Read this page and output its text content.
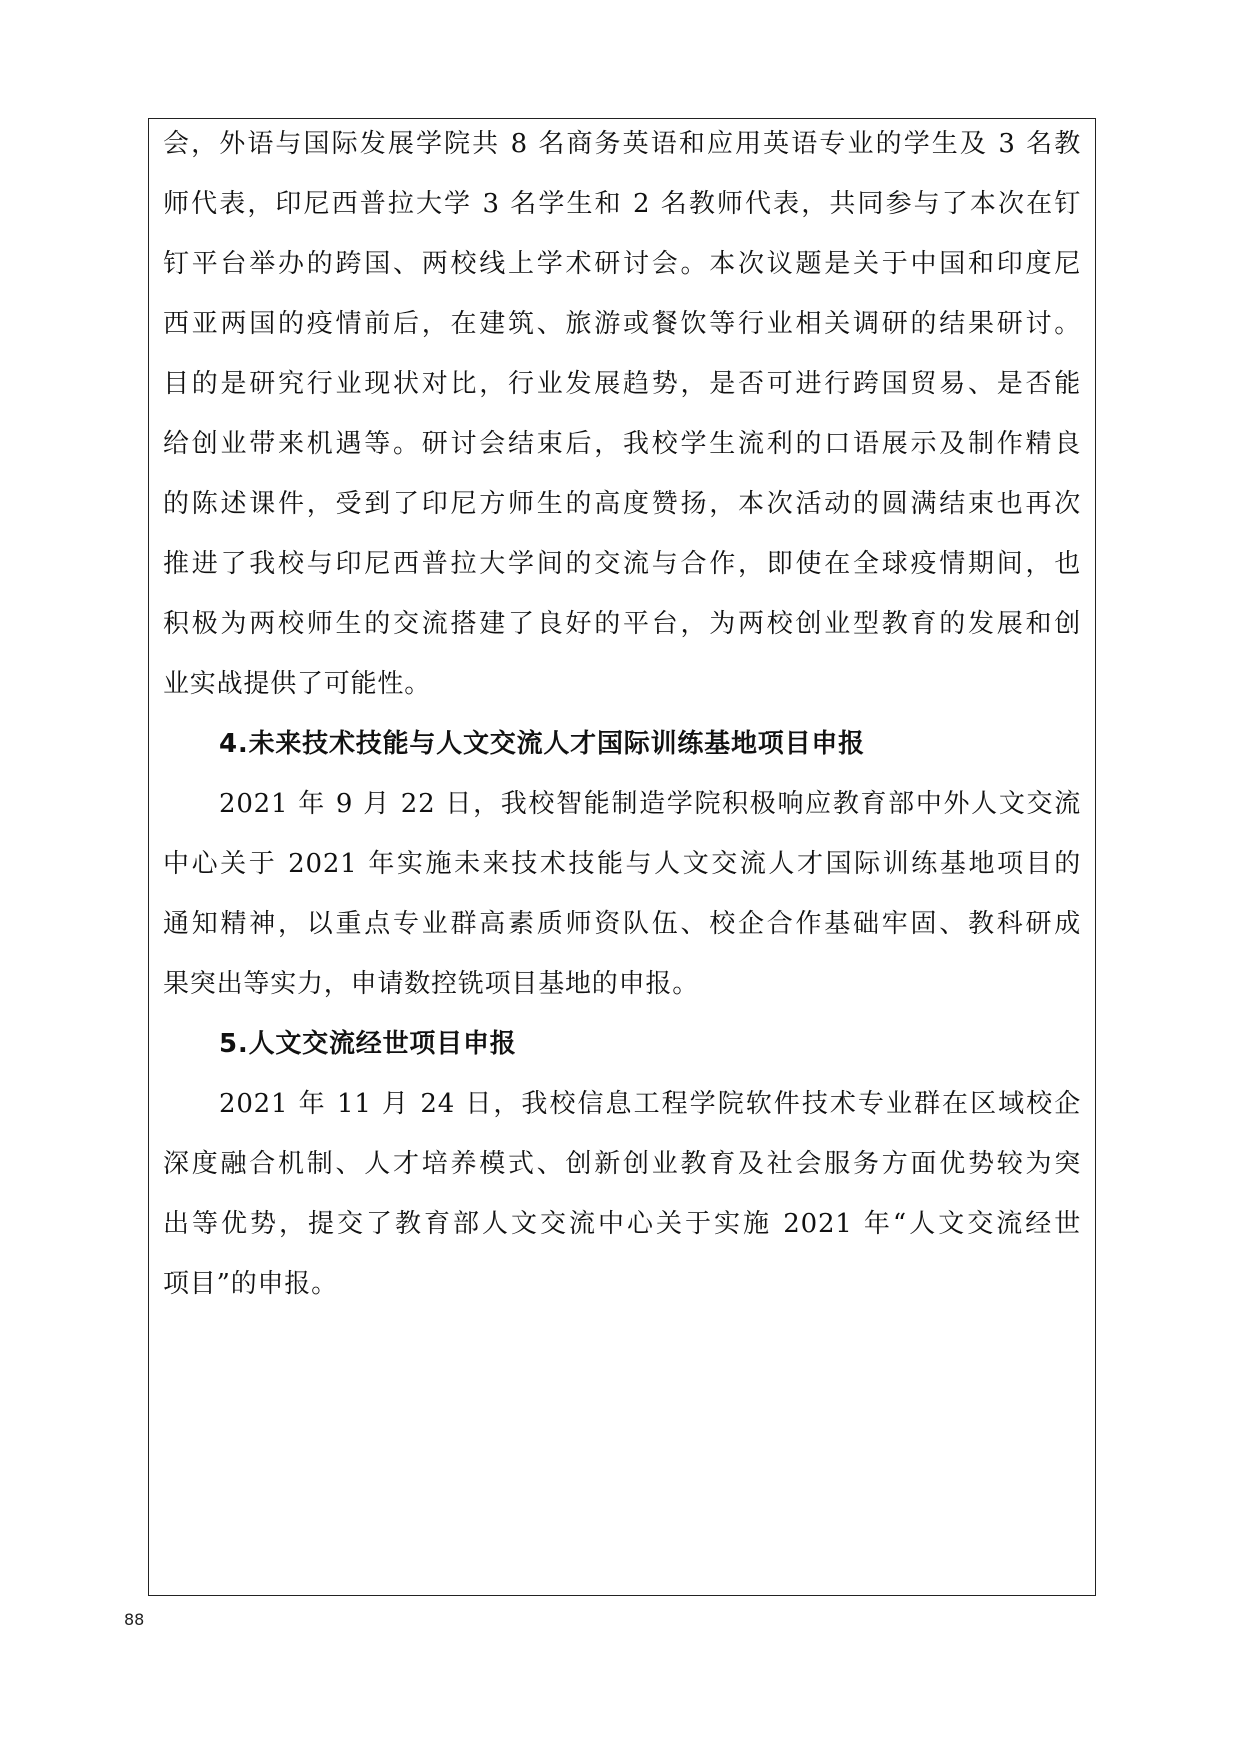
会，外语与国际发展学院共 8 名商务英语和应用英语专业的学生及 3 名教
师代表，印尼西普拉大学 3 名学生和 2 名教师代表，共同参与了本次在钉
钉平台举办的跨国、两校线上学术研讨会。本次议题是关于中国和印度尼
西亚两国的疫情前后，在建筑、旅游或餐饮等行业相关调研的结果研讨。
目的是研究行业现状对比，行业发展趋势，是否可进行跨国贸易、是否能
给创业带来机遇等。研讨会结束后，我校学生流利的口语展示及制作精良
的陈述课件，受到了印尼方师生的高度赞扬，本次活动的圆满结束也再次
推进了我校与印尼西普拉大学间的交流与合作，即使在全球疫情期间，也
积极为两校师生的交流搭建了良好的平台，为两校创业型教育的发展和创
业实战提供了可能性。
4.未来技术技能与人文交流人才国际训练基地项目申报
2021 年 9 月 22 日，我校智能制造学院积极响应教育部中外人文交流
中心关于 2021 年实施未来技术技能与人文交流人才国际训练基地项目的
通知精神，以重点专业群高素质师资队伍、校企合作基础牢固、教科研成
果突出等实力，申请数控铣项目基地的申报。
5.人文交流经世项目申报
2021 年 11 月 24 日，我校信息工程学院软件技术专业群在区域校企
深度融合机制、人才培养模式、创新创业教育及社会服务方面优势较为突
出等优势，提交了教育部人文交流中心关于实施 2021 年“人文交流经世
项目”的申报。
88
